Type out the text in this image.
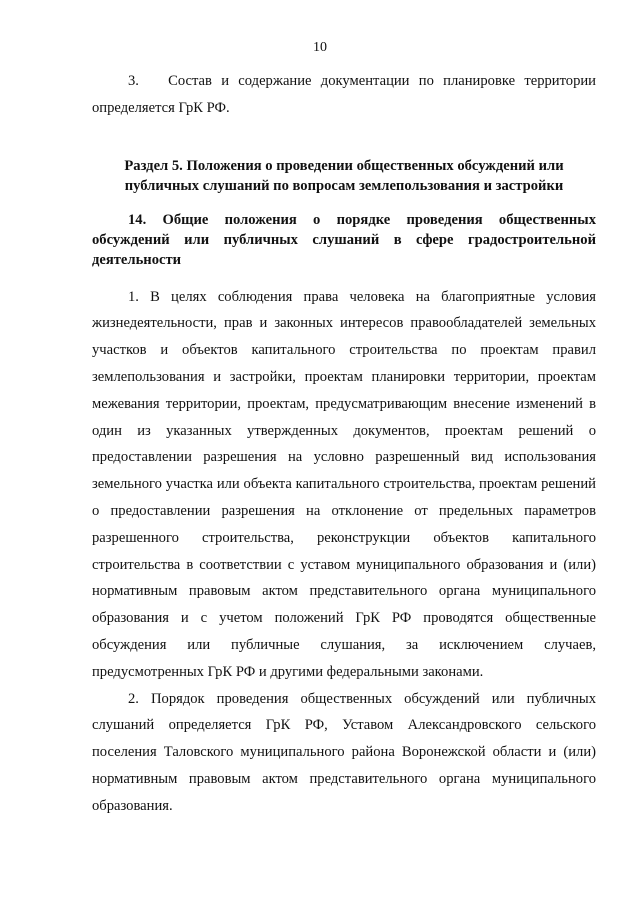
10

3.  Состав и содержание документации по планировке территории определяется ГрК РФ.

Раздел 5. Положения о проведении общественных обсуждений или публичных слушаний по вопросам землепользования и застройки
14. Общие положения о порядке проведения общественных обсуждений или публичных слушаний в сфере градостроительной деятельности

1. В целях соблюдения права человека на благоприятные условия жизнедеятельности, прав и законных интересов правообладателей земельных участков и объектов капитального строительства по проектам правил землепользования и застройки, проектам планировки территории, проектам межевания территории, проектам, предусматривающим внесение изменений в один из указанных утвержденных документов, проектам решений о предоставлении разрешения на условно разрешенный вид использования земельного участка или объекта капитального строительства, проектам решений о предоставлении разрешения на отклонение от предельных параметров разрешенного строительства, реконструкции объектов капитального строительства в соответствии с уставом муниципального образования и (или) нормативным правовым актом представительного органа муниципального образования и с учетом положений ГрК РФ проводятся общественные обсуждения или публичные слушания, за исключением случаев, предусмотренных ГрК РФ и другими федеральными законами.

2. Порядок проведения общественных обсуждений или публичных слушаний определяется ГрК РФ, Уставом Александровского сельского поселения Таловского муниципального района Воронежской области и (или) нормативным правовым актом представительного органа муниципального образования.
